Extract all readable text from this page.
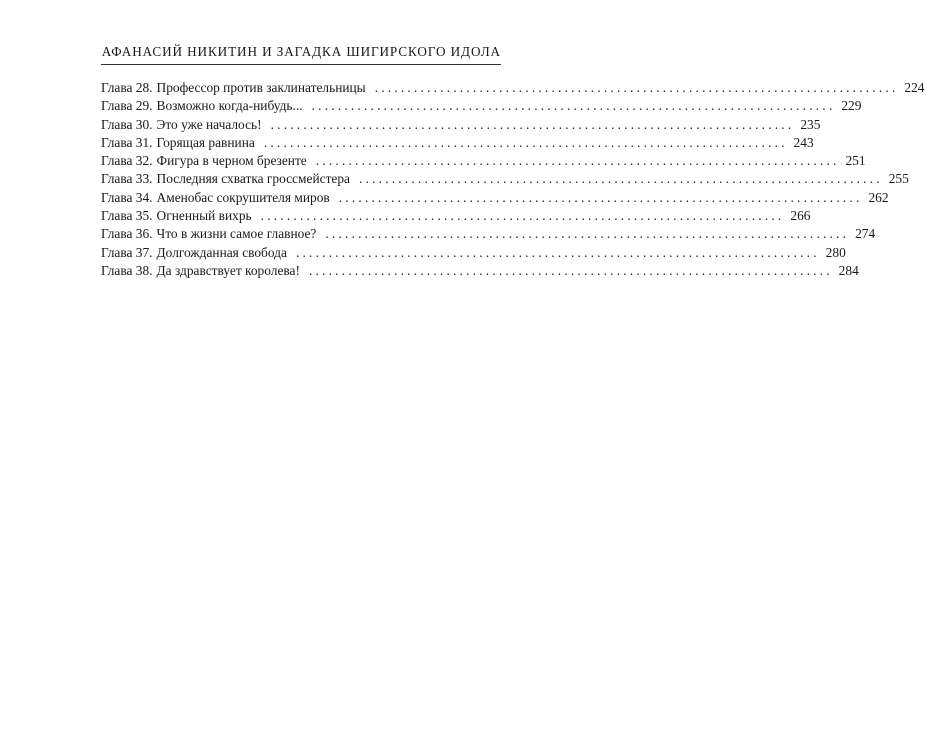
АФАНАСИЙ НИКИТИН И ЗАГАДКА ШИГИРСКОГО ИДОЛА
Глава 28. Профессор против заклинательницы ................................................................................ 224
Глава 29. Возможно когда-нибудь... ................................................................................ 229
Глава 30. Это уже началось! ................................................................................ 235
Глава 31. Горящая равнина ................................................................................ 243
Глава 32. Фигура в черном брезенте ................................................................................ 251
Глава 33. Последняя схватка гроссмейстера ................................................................................ 255
Глава 34. Аменобас сокрушителя миров ................................................................................ 262
Глава 35. Огненный вихрь ................................................................................ 266
Глава 36. Что в жизни самое главное? ................................................................................ 274
Глава 37. Долгожданная свобода ................................................................................ 280
Глава 38. Да здравствует королева! ................................................................................ 284
